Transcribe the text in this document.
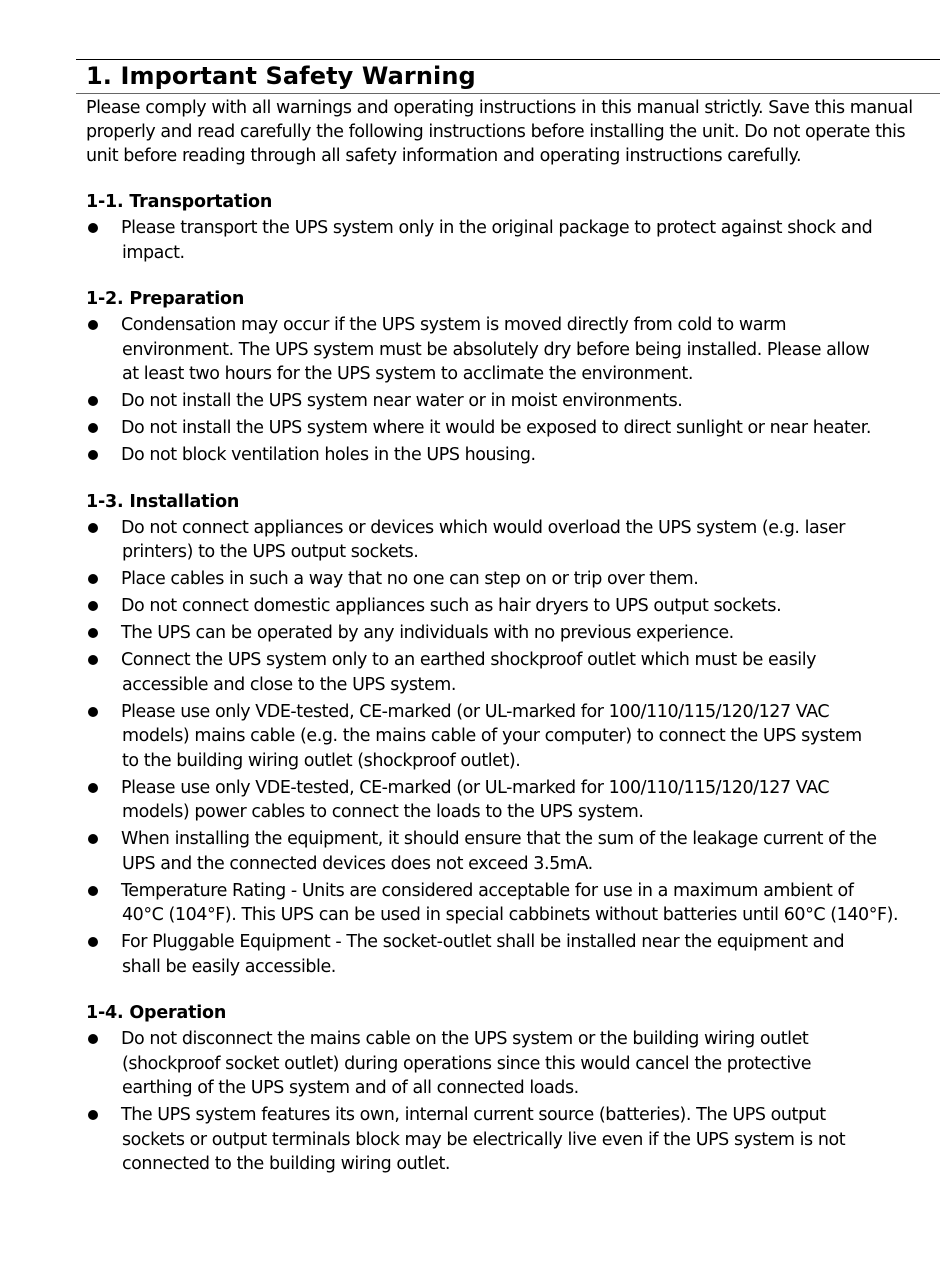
1. Important Safety Warning

Please comply with all warnings and operating instructions in this manual strictly. Save this manual
properly and read carefully the following instructions before installing the unit. Do not operate this
unit before reading through all safety information and operating instructions carefully.

1-1. Transportation
Please transport the UPS system only in the original package to protect against shock and
impact.
1-2. Preparation
Condensation may occur if the UPS system is moved directly from cold to warm
environment. The UPS system must be absolutely dry before being installed. Please allow
at least two hours for the UPS system to acclimate the environment.
Do not install the UPS system near water or in moist environments.
Do not install the UPS system where it would be exposed to direct sunlight or near heater.
Do not block ventilation holes in the UPS housing.
1-3. Installation
Do not connect appliances or devices which would overload the UPS system (e.g. laser
printers) to the UPS output sockets.
Place cables in such a way that no one can step on or trip over them.
Do not connect domestic appliances such as hair dryers to UPS output sockets.
The UPS can be operated by any individuals with no previous experience.
Connect the UPS system only to an earthed shockproof outlet which must be easily
accessible and close to the UPS system.
Please use only VDE-tested, CE-marked (or UL-marked for 100/110/115/120/127 VAC
models) mains cable (e.g. the mains cable of your computer) to connect the UPS system
to the building wiring outlet (shockproof outlet).
Please use only VDE-tested, CE-marked (or UL-marked for 100/110/115/120/127 VAC
models) power cables to connect the loads to the UPS system.
When installing the equipment, it should ensure that the sum of the leakage current of the
UPS and the connected devices does not exceed 3.5mA.
Temperature Rating - Units are considered acceptable for use in a maximum ambient of
40°C (104°F). This UPS can be used in special cabbinets without batteries until 60°C (140°F).
For Pluggable Equipment - The socket-outlet shall be installed near the equipment and
shall be easily accessible.
1-4. Operation
Do not disconnect the mains cable on the UPS system or the building wiring outlet
(shockproof socket outlet) during operations since this would cancel the protective
earthing of the UPS system and of all connected loads.
The UPS system features its own, internal current source (batteries). The UPS output
sockets or output terminals block may be electrically live even if the UPS system is not
connected to the building wiring outlet.
